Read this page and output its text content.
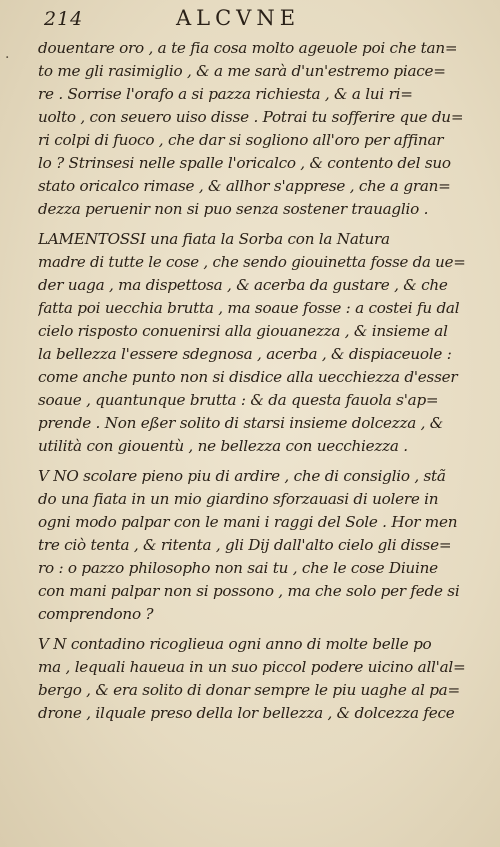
214	ALCVNE
·
douentare oro , a te fia cosa molto ageuole poi che tan=
to me gli rasimiglio , & a me sarà d'un'estremo piace=
re . Sorrise l'orafo a si pazza richiesta , & a lui ri=
uolto , con seuero uiso disse . Potrai tu sofferire que du=
ri colpi di fuoco , che dar si sogliono all'oro per affinar
lo ? Strinsesi nelle spalle l'oricalco , & contento del suo
stato oricalco rimase , & allhor s'apprese , che a gran=
dezza peruenir non si puo senza sostener trauaglio .
LAMENTOSSI una fiata la Sorba con la Natura
madre di tutte le cose , che sendo giouinetta fosse da ue=
der uaga , ma dispettosa , & acerba da gustare , & che
fatta poi uecchia brutta , ma soaue fosse : a costei fu dal
cielo risposto conuenirsi alla giouanezza , & insieme al
la bellezza l'essere sdegnosa , acerba , & dispiaceuole :
come anche punto non si disdice alla uecchiezza d'esser
soaue , quantunque brutta : & da questa fauola s'ap=
prende . Non eßer solito di starsi insieme dolcezza , &
utilità con giouentù , ne bellezza con uecchiezza .
V NO scolare pieno piu di ardire , che di consiglio , stã
do una fiata in un mio giardino sforzauasi di uolere in
ogni modo palpar con le mani i raggi del Sole . Hor men
tre ciò tenta , & ritenta , gli Dij dall'alto cielo gli disse=
ro : o pazzo philosopho non sai tu , che le cose Diuine
con mani palpar non si possono , ma che solo per fede si
comprendono ?
V N contadino ricoglieua ogni anno di molte belle po
ma , lequali haueua in un suo piccol podere uicino all'al=
bergo , & era solito di donar sempre le piu uaghe al pa=
drone , ilquale preso della lor bellezza , & dolcezza fece
